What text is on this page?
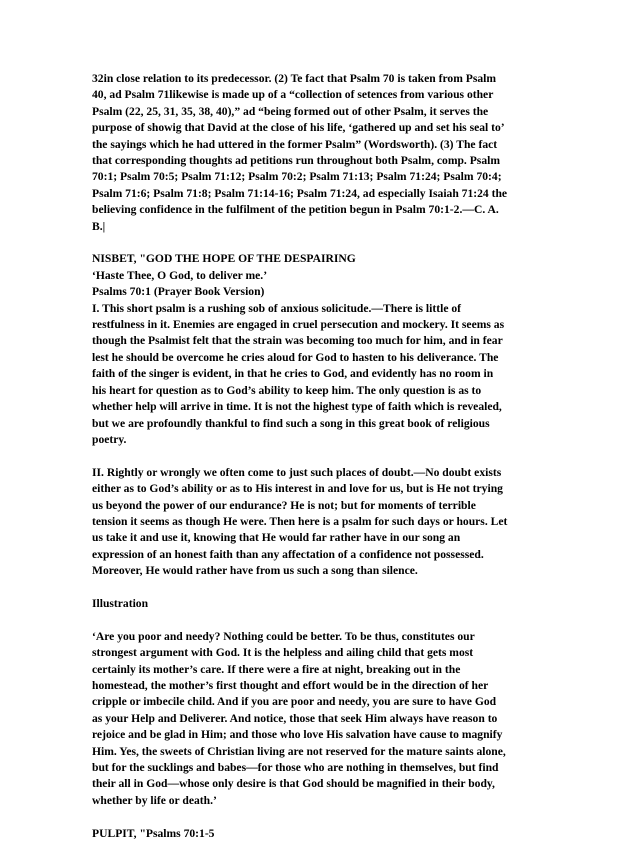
32in close relation to its predecessor. (2) Te fact that Psalm 70 is taken from Psalm
40, ad Psalm 71likewise is made up of a “collection of setences from various other
Psalm (22, 25, 31, 35, 38, 40),” ad “being formed out of other Psalm, it serves the
purpose of showig that David at the close of his life, ‘gathered up and set his seal to’
the sayings which he had uttered in the former Psalm” (Wordsworth). (3) The fact
that corresponding thoughts ad petitions run throughout both Psalm, comp. Psalm
70:1; Psalm 70:5; Psalm 71:12; Psalm 70:2; Psalm 71:13; Psalm 71:24; Psalm 70:4;
Psalm 71:6; Psalm 71:8; Psalm 71:14-16; Psalm 71:24, ad especially Isaiah 71:24 the
believing confidence in the fulfilment of the petition begun in Psalm 70:1-2.—C. A.
B.|
NISBET, "GOD THE HOPE OF THE DESPAIRING
‘Haste Thee, O God, to deliver me.’
Psalms 70:1 (Prayer Book Version)
I. This short psalm is a rushing sob of anxious solicitude.—There is little of
restfulness in it. Enemies are engaged in cruel persecution and mockery. It seems as
though the Psalmist felt that the strain was becoming too much for him, and in fear
lest he should be overcome he cries aloud for God to hasten to his deliverance. The
faith of the singer is evident, in that he cries to God, and evidently has no room in
his heart for question as to God’s ability to keep him. The only question is as to
whether help will arrive in time. It is not the highest type of faith which is revealed,
but we are profoundly thankful to find such a song in this great book of religious
poetry.
II. Rightly or wrongly we often come to just such places of doubt.—No doubt exists
either as to God’s ability or as to His interest in and love for us, but is He not trying
us beyond the power of our endurance? He is not; but for moments of terrible
tension it seems as though He were. Then here is a psalm for such days or hours. Let
us take it and use it, knowing that He would far rather have in our song an
expression of an honest faith than any affectation of a confidence not possessed.
Moreover, He would rather have from us such a song than silence.
Illustration
‘Are you poor and needy? Nothing could be better. To be thus, constitutes our
strongest argument with God. It is the helpless and ailing child that gets most
certainly its mother’s care. If there were a fire at night, breaking out in the
homestead, the mother’s first thought and effort would be in the direction of her
cripple or imbecile child. And if you are poor and needy, you are sure to have God
as your Help and Deliverer. And notice, those that seek Him always have reason to
rejoice and be glad in Him; and those who love His salvation have cause to magnify
Him. Yes, the sweets of Christian living are not reserved for the mature saints alone,
but for the sucklings and babes—for those who are nothing in themselves, but find
their all in God—whose only desire is that God should be magnified in their body,
whether by life or death.’
PULPIT, "Psalms 70:1-5
